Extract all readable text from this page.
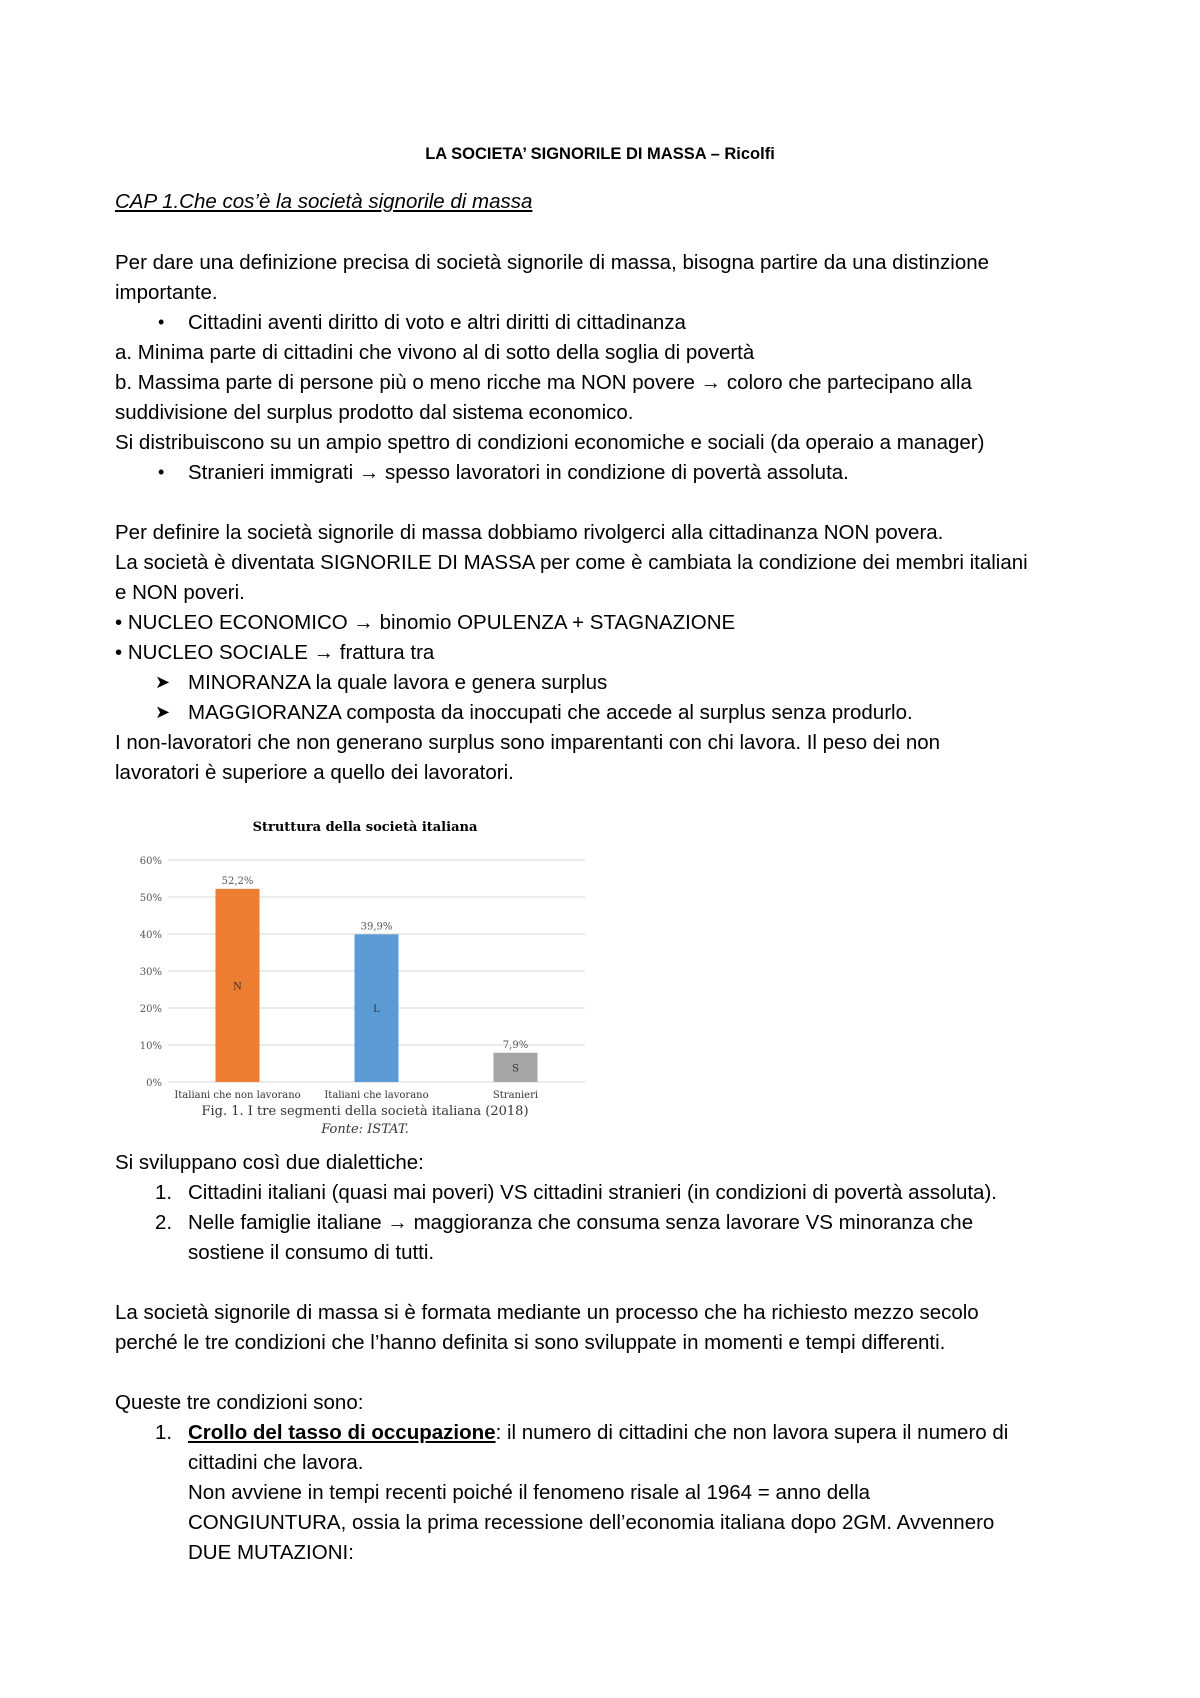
LA SOCIETA’ SIGNORILE DI MASSA – Ricolfi
CAP 1.Che cos’è la società signorile di massa
Per dare una definizione precisa di società signorile di massa, bisogna partire da una distinzione
importante.
• Cittadini aventi diritto di voto e altri diritti di cittadinanza
a. Minima parte di cittadini che vivono al di sotto della soglia di povertà
b. Massima parte di persone più o meno ricche ma NON povere → coloro che partecipano alla
suddivisione del surplus prodotto dal sistema economico.
Si distribuiscono su un ampio spettro di condizioni economiche e sociali (da operaio a manager)
• Stranieri immigrati → spesso lavoratori in condizione di povertà assoluta.
Per definire la società signorile di massa dobbiamo rivolgerci alla cittadinanza NON povera.
La società è diventata SIGNORILE DI MASSA per come è cambiata la condizione dei membri italiani
e NON poveri.
• NUCLEO ECONOMICO → binomio OPULENZA + STAGNAZIONE
• NUCLEO SOCIALE → frattura tra
➤ MINORANZA la quale lavora e genera surplus
➤ MAGGIORANZA composta da inoccupati che accede al surplus senza produrlo.
I non-lavoratori che non generano surplus sono imparentanti con chi lavora. Il peso dei non
lavoratori è superiore a quello dei lavoratori.
Struttura della società italiana
0%
10%
20%
30%
40%
50%
60%
52,2%
N
Italiani che non lavorano
39,9%
L
Italiani che lavorano
7,9%
S
Stranieri
Fig. 1. I tre segmenti della società italiana (2018)
Fonte: ISTAT.
Si sviluppano così due dialettiche:
1. Cittadini italiani (quasi mai poveri) VS cittadini stranieri (in condizioni di povertà assoluta).
2. Nelle famiglie italiane → maggioranza che consuma senza lavorare VS minoranza che
sostiene il consumo di tutti.
La società signorile di massa si è formata mediante un processo che ha richiesto mezzo secolo
perché le tre condizioni che l’hanno definita si sono sviluppate in momenti e tempi differenti.
Queste tre condizioni sono:
1. Crollo del tasso di occupazione: il numero di cittadini che non lavora supera il numero di
cittadini che lavora.
Non avviene in tempi recenti poiché il fenomeno risale al 1964 = anno della
CONGIUNTURA, ossia la prima recessione dell’economia italiana dopo 2GM. Avvennero
DUE MUTAZIONI:
